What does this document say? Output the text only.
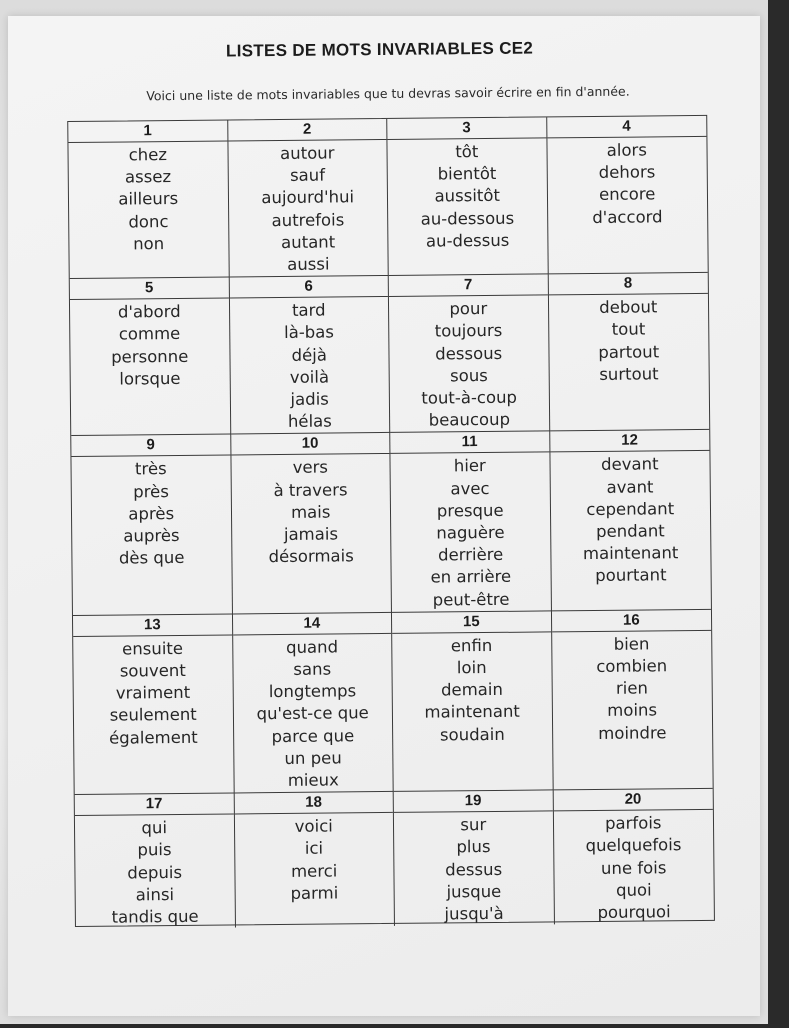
LISTES DE MOTS INVARIABLES CE2
Voici une liste de mots invariables que tu devras savoir écrire en fin d'année.
1
chez
assez
ailleurs
donc
non
2
autour
sauf
aujourd'hui
autrefois
autant
aussi
3
tôt
bientôt
aussitôt
au-dessous
au-dessus
4
alors
dehors
encore
d'accord
5
d'abord
comme
personne
lorsque
6
tard
là-bas
déjà
voilà
jadis
hélas
7
pour
toujours
dessous
sous
tout-à-coup
beaucoup
8
debout
tout
partout
surtout
9
très
près
après
auprès
dès que
10
vers
à travers
mais
jamais
désormais
11
hier
avec
presque
naguère
derrière
en arrière
peut-être
12
devant
avant
cependant
pendant
maintenant
pourtant
13
ensuite
souvent
vraiment
seulement
également
14
quand
sans
longtemps
qu'est-ce que
parce que
un peu
mieux
15
enfin
loin
demain
maintenant
soudain
16
bien
combien
rien
moins
moindre
17
qui
puis
depuis
ainsi
tandis que
18
voici
ici
merci
parmi
19
sur
plus
dessus
jusque
jusqu'à
20
parfois
quelquefois
une fois
quoi
pourquoi
